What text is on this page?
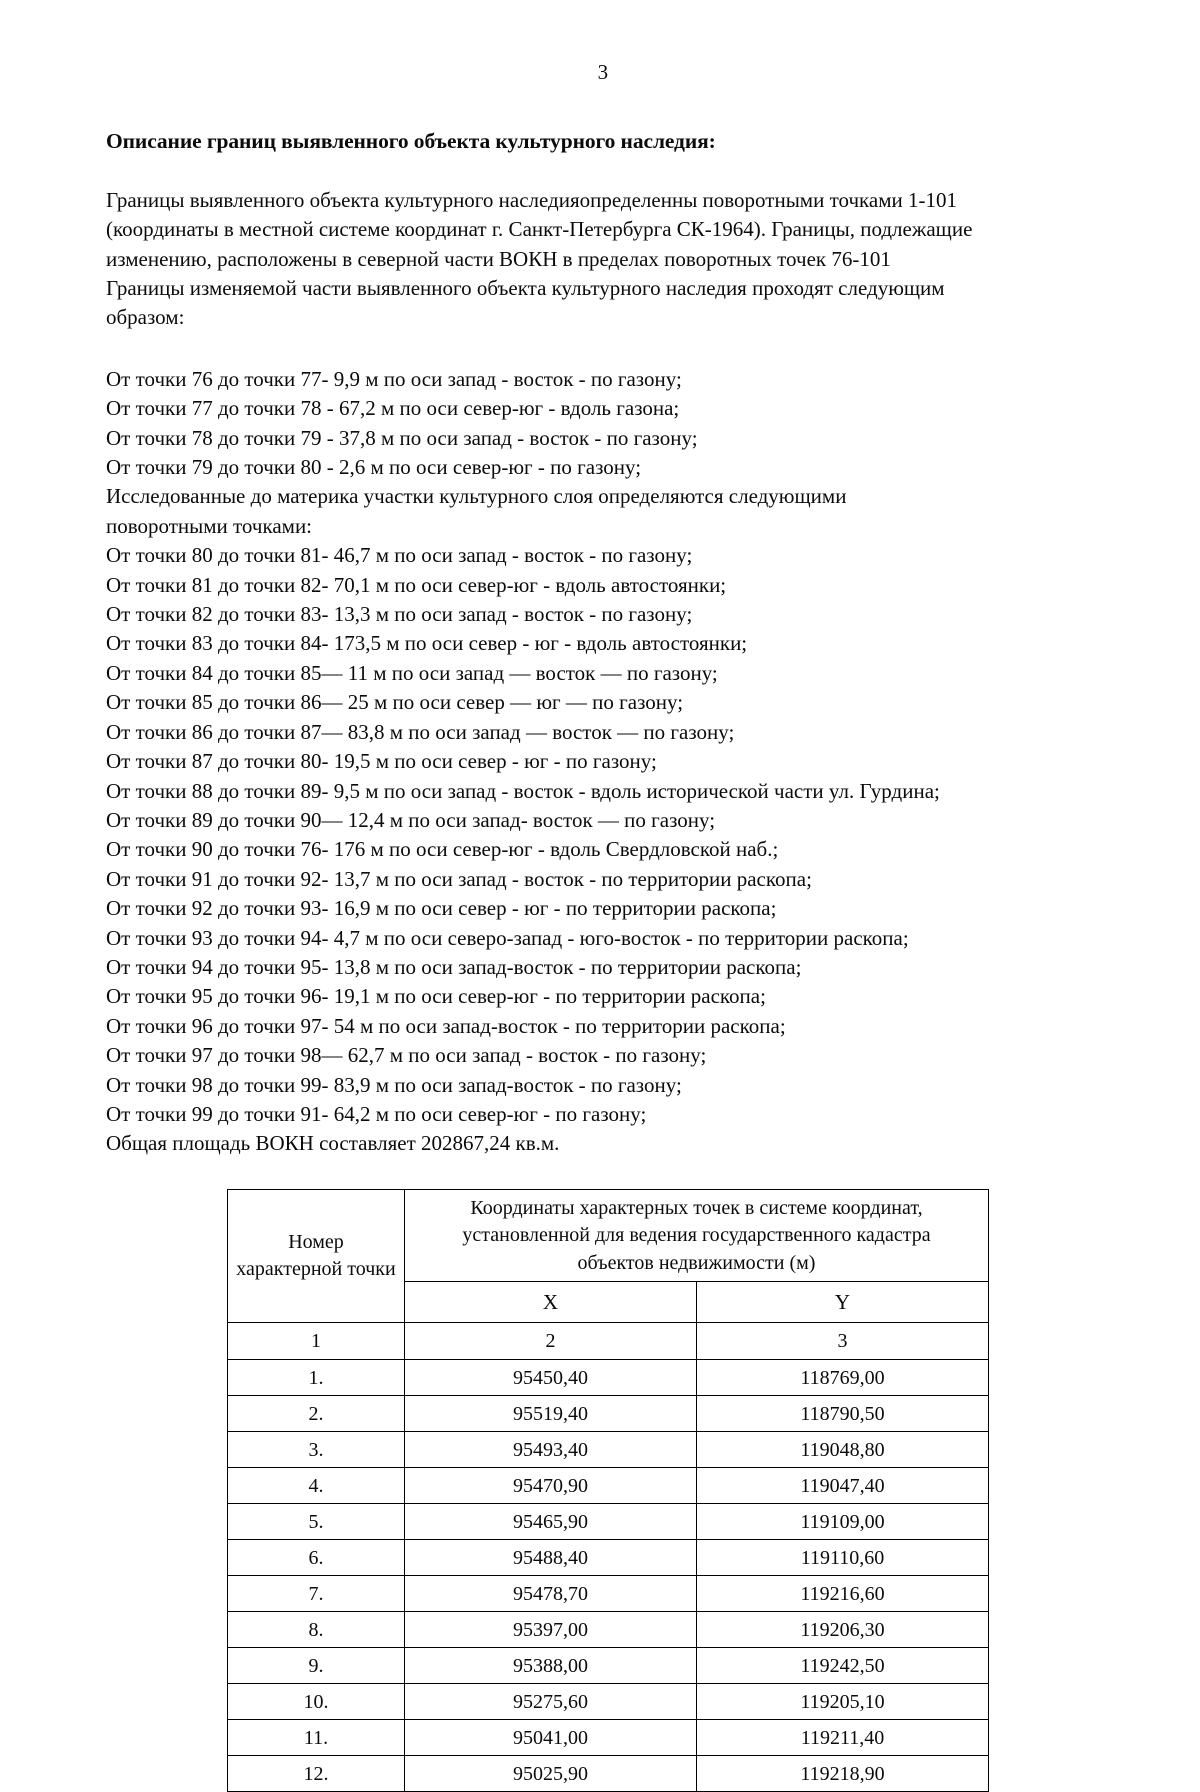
3
Описание границ выявленного объекта культурного наследия:

Границы выявленного объекта культурного наследияопределенны поворотными точками 1-101 (координаты в местной системе координат г. Санкт-Петербурга СК-1964). Границы, подлежащие изменению, расположены в северной части ВОКН в пределах поворотных точек 76-101

Границы изменяемой части выявленного объекта культурного наследия проходят следующим образом:

От точки 76 до точки 77- 9,9 м по оси запад - восток - по газону;
От точки 77 до точки 78 - 67,2 м по оси север-юг - вдоль газона;
От точки 78 до точки 79 - 37,8 м по оси запад - восток - по газону;
От точки 79 до точки 80 - 2,6 м по оси север-юг - по газону;
Исследованные до материка участки культурного слоя определяются следующими
поворотными точками:
От точки 80 до точки 81- 46,7 м по оси запад - восток - по газону;
От точки 81 до точки 82- 70,1 м по оси север-юг - вдоль автостоянки;
От точки 82 до точки 83- 13,3 м по оси запад - восток - по газону;
От точки 83 до точки 84- 173,5 м по оси север - юг - вдоль автостоянки;
От точки 84 до точки 85— 11 м по оси запад — восток — по газону;
От точки 85 до точки 86— 25 м по оси север — юг — по газону;
От точки 86 до точки 87— 83,8 м по оси запад — восток — по газону;
От точки 87 до точки 80- 19,5 м по оси север - юг - по газону;
От точки 88 до точки 89- 9,5 м по оси запад - восток - вдоль исторической части ул. Гурдина;
От точки 89 до точки 90— 12,4 м по оси запад- восток — по газону;
От точки 90 до точки 76- 176 м по оси север-юг - вдоль Свердловской наб.;
От точки 91 до точки 92- 13,7 м по оси запад - восток - по территории раскопа;
От точки 92 до точки 93- 16,9 м по оси север - юг - по территории раскопа;
От точки 93 до точки 94- 4,7 м по оси северо-запад - юго-восток - по территории раскопа;
От точки 94 до точки 95- 13,8 м по оси запад-восток - по территории раскопа;
От точки 95 до точки 96- 19,1 м по оси север-юг - по территории раскопа;
От точки 96 до точки 97- 54 м по оси запад-восток - по территории раскопа;
От точки 97 до точки 98— 62,7 м по оси запад - восток - по газону;
От точки 98 до точки 99- 83,9 м по оси запад-восток - по газону;
От точки 99 до точки 91- 64,2 м по оси север-юг - по газону;
Общая площадь ВОКН составляет 202867,24 кв.м.
Номер характерной точки	Координаты характерных точек в системе координат, установленной для ведения государственного кадастра объектов недвижимости (м)	
	X	Y
1	2	3
1.	95450,40	118769,00
2.	95519,40	118790,50
3.	95493,40	119048,80
4.	95470,90	119047,40
5.	95465,90	119109,00
6.	95488,40	119110,60
7.	95478,70	119216,60
8.	95397,00	119206,30
9.	95388,00	119242,50
10.	95275,60	119205,10
11.	95041,00	119211,40
12.	95025,90	119218,90
